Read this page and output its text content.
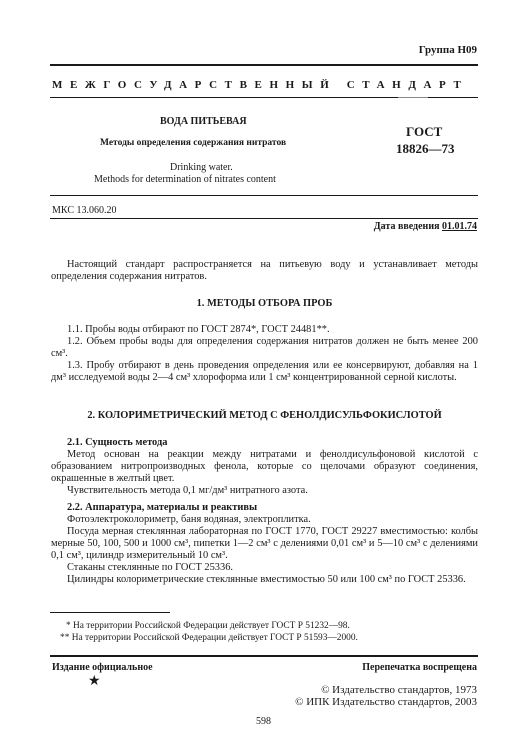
Группа Н09
МЕЖГОСУДАРСТВЕННЫЙ СТАНДАРТ
ВОДА ПИТЬЕВАЯ
Методы определения содержания нитратов
ГОСТ
18826—73
Drinking water.
Methods for determination of nitrates content
МКС 13.060.20
Дата введения 01.01.74

Настоящий стандарт распространяется на питьевую воду и устанавливает методы определения содержания нитратов.

1. МЕТОДЫ ОТБОРА ПРОБ

1.1. Пробы воды отбирают по ГОСТ 2874*, ГОСТ 24481**.

1.2. Объем пробы воды для определения содержания нитратов должен не быть менее 200 см³.

1.3. Пробу отбирают в день проведения определения или ее консервируют, добавляя на 1 дм³ исследуемой воды 2—4 см³ хлороформа или 1 см³ концентрированной серной кислоты.

2. КОЛОРИМЕТРИЧЕСКИЙ МЕТОД С ФЕНОЛДИСУЛЬФОКИСЛОТОЙ
2.1. Сущность метода

Метод основан на реакции между нитратами и фенолдисульфоновой кислотой с образованием нитропроизводных фенола, которые со щелочами образуют соединения, окрашенные в желтый цвет.

Чувствительность метода 0,1 мг/дм³ нитратного азота.

2.2. Аппаратура, материалы и реактивы

Фотоэлектроколориметр, баня водяная, электроплитка.

Посуда мерная стеклянная лабораторная по ГОСТ 1770, ГОСТ 29227 вместимостью: колбы мерные 50, 100, 500 и 1000 см³, пипетки 1—2 см³ с делениями 0,01 см³ и 5—10 см³ с делениями 0,1 см³, цилиндр измерительный 10 см³.

Стаканы стеклянные по ГОСТ 25336.

Цилиндры колориметрические стеклянные вместимостью 50 или 100 см³ по ГОСТ 25336.

* На территории Российской Федерации действует ГОСТ Р 51232—98.
** На территории Российской Федерации действует ГОСТ Р 51593—2000.
Издание официальное	Перепечатка воспрещена
★
© Издательство стандартов, 1973
© ИПК Издательство стандартов, 2003
598
